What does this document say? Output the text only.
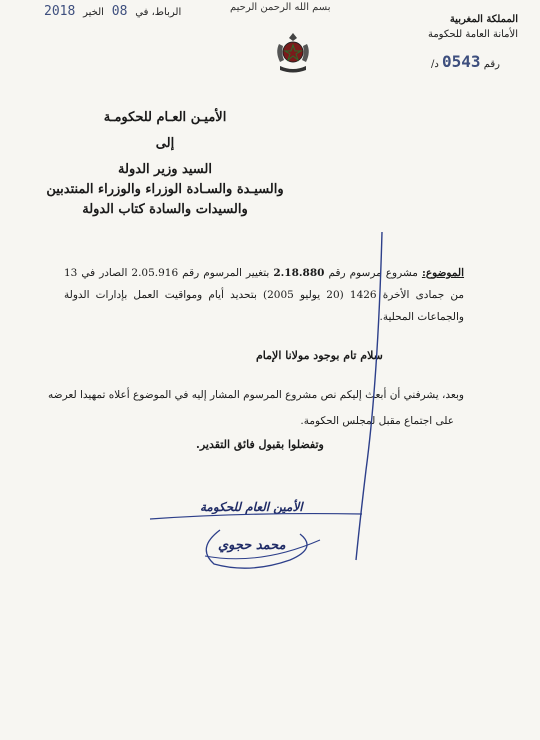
بسم الله الرحمن الرحيم
الرباط، في 08 الخير 2018
المملكة المغربية
الأمانة العامة للحكومة
رقم 0543 د/
الأميـن العـام للحكومـة
إلى
السيد وزير الدولة
والسيـدة والسـادة الوزراء والوزراء المنتدبين
والسيدات والسادة كتاب الدولة
الموضوع: مشروع مرسوم رقم 2.18.880 بتغيير المرسوم رقم 2.05.916 الصادر في 13 من جمادى الأخرة 1426 (20 يوليو 2005) بتحديد أيام ومواقيت العمل بإدارات الدولة والجماعات المحلية.
سلام تام بوجود مولانا الإمام
وبعد، يشرفني أن أبعث إليكم نص مشروع المرسوم المشار إليه في الموضوع أعلاه تمهيدا لعرضه
على اجتماع مقبل لمجلس الحكومة.
وتفضلوا بقبول فائق التقدير.
الأمين العام للحكومة
محمد حجوي
